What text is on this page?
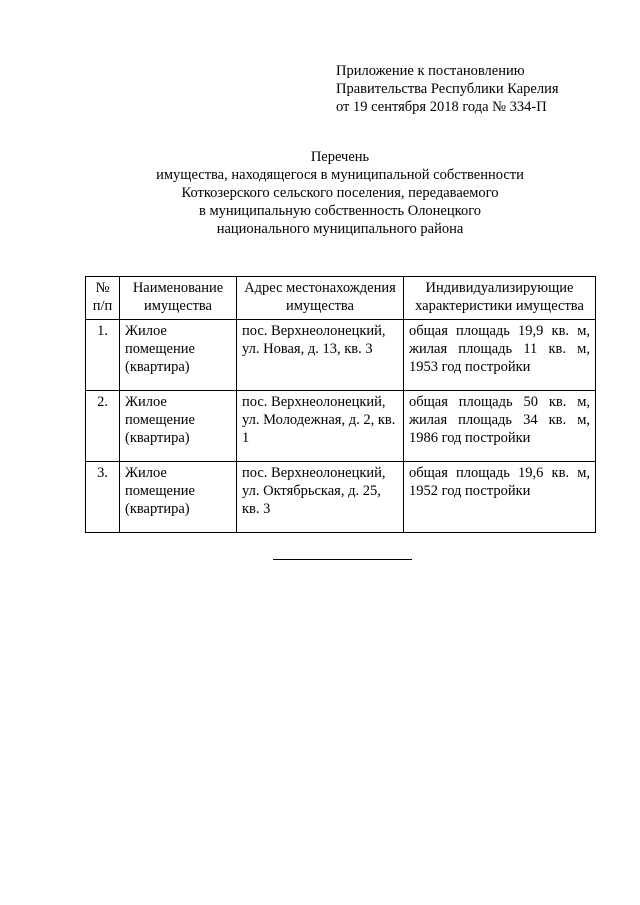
Приложение к постановлению
Правительства Республики Карелия
от 19 сентября 2018 года № 334-П
Перечень
имущества, находящегося в муниципальной собственности
Коткозерского сельского поселения, передаваемого
в муниципальную собственность Олонецкого
национального муниципального района
№ п/п	Наименование имущества	Адрес местонахождения имущества	Индивидуализирующие характеристики имущества
1.	Жилое помещение (квартира)	пос. Верхнеолонецкий, ул. Новая, д. 13, кв. 3	общая площадь 19,9 кв. м, жилая площадь 11 кв. м, 1953 год постройки
2.	Жилое помещение (квартира)	пос. Верхнеолонецкий, ул. Молодежная, д. 2, кв. 1	общая площадь 50 кв. м, жилая площадь 34 кв. м, 1986 год постройки
3.	Жилое помещение (квартира)	пос. Верхнеолонецкий, ул. Октябрьская, д. 25, кв. 3	общая площадь 19,6 кв. м, 1952 год постройки
